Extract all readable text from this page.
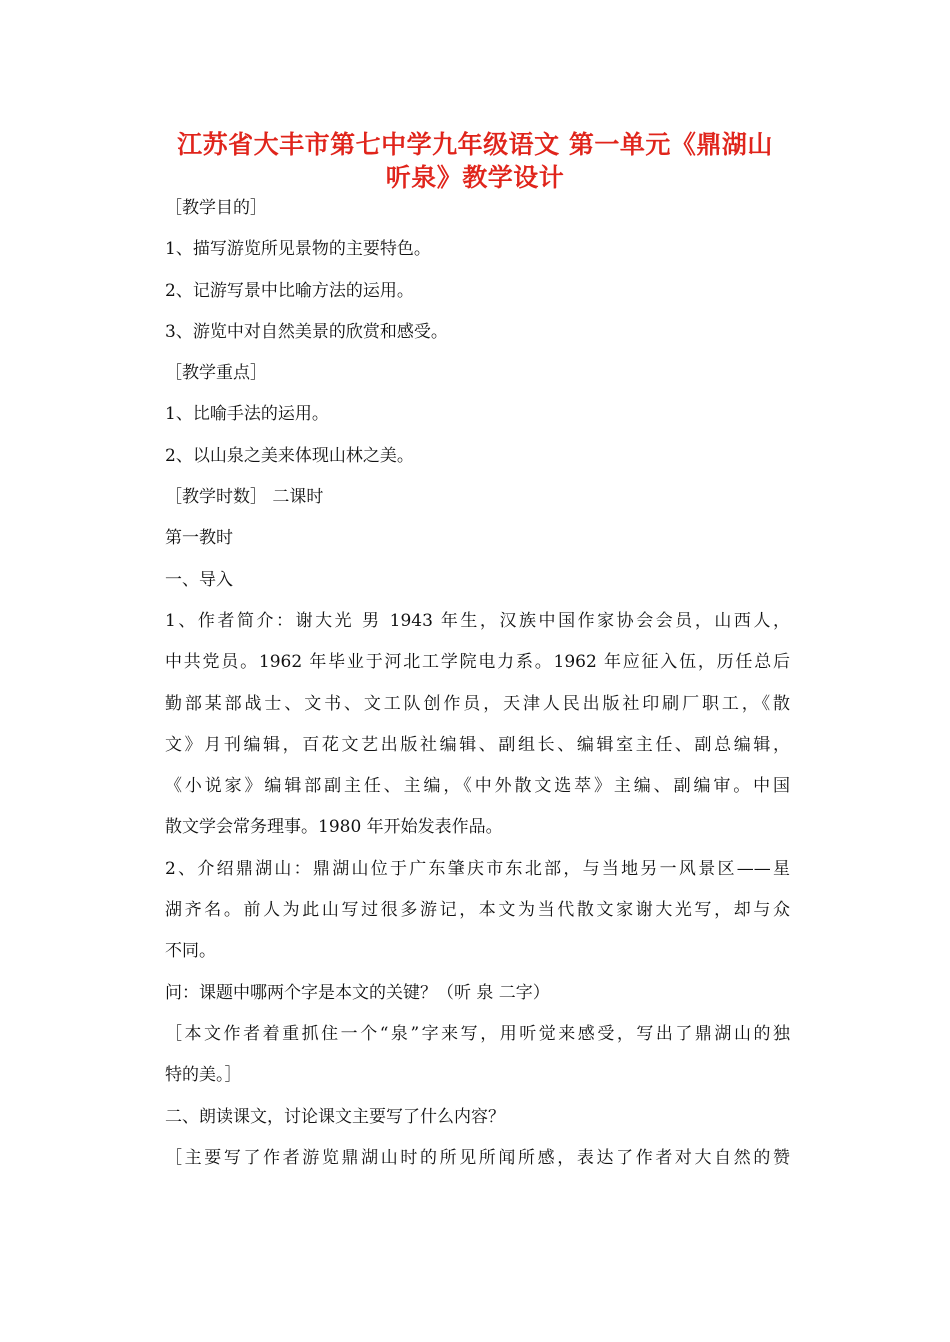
江苏省大丰市第七中学九年级语文 第一单元《鼎湖山
听泉》教学设计
［教学目的］
1、描写游览所见景物的主要特色。
2、记游写景中比喻方法的运用。
3、游览中对自然美景的欣赏和感受。
［教学重点］
1、比喻手法的运用。
2、以山泉之美来体现山林之美。
［教学时数］ 二课时
第一教时
一、导入
1、作者简介：谢大光 男 1943 年生，汉族中国作家协会会员，山西人，
中共党员。1962 年毕业于河北工学院电力系。1962 年应征入伍，历任总后
勤部某部战士、文书、文工队创作员，天津人民出版社印刷厂职工，《散
文》月刊编辑，百花文艺出版社编辑、副组长、编辑室主任、副总编辑，
《小说家》编辑部副主任、主编，《中外散文选萃》主编、副编审。中国
散文学会常务理事。1980 年开始发表作品。
2、介绍鼎湖山：鼎湖山位于广东肇庆市东北部，与当地另一风景区——星
湖齐名。前人为此山写过很多游记，本文为当代散文家谢大光写，却与众
不同。
问：课题中哪两个字是本文的关键？（听 泉 二字）
［本文作者着重抓住一个“泉”字来写，用听觉来感受，写出了鼎湖山的独
特的美。］
二、朗读课文，讨论课文主要写了什么内容？
［主要写了作者游览鼎湖山时的所见所闻所感，表达了作者对大自然的赞
